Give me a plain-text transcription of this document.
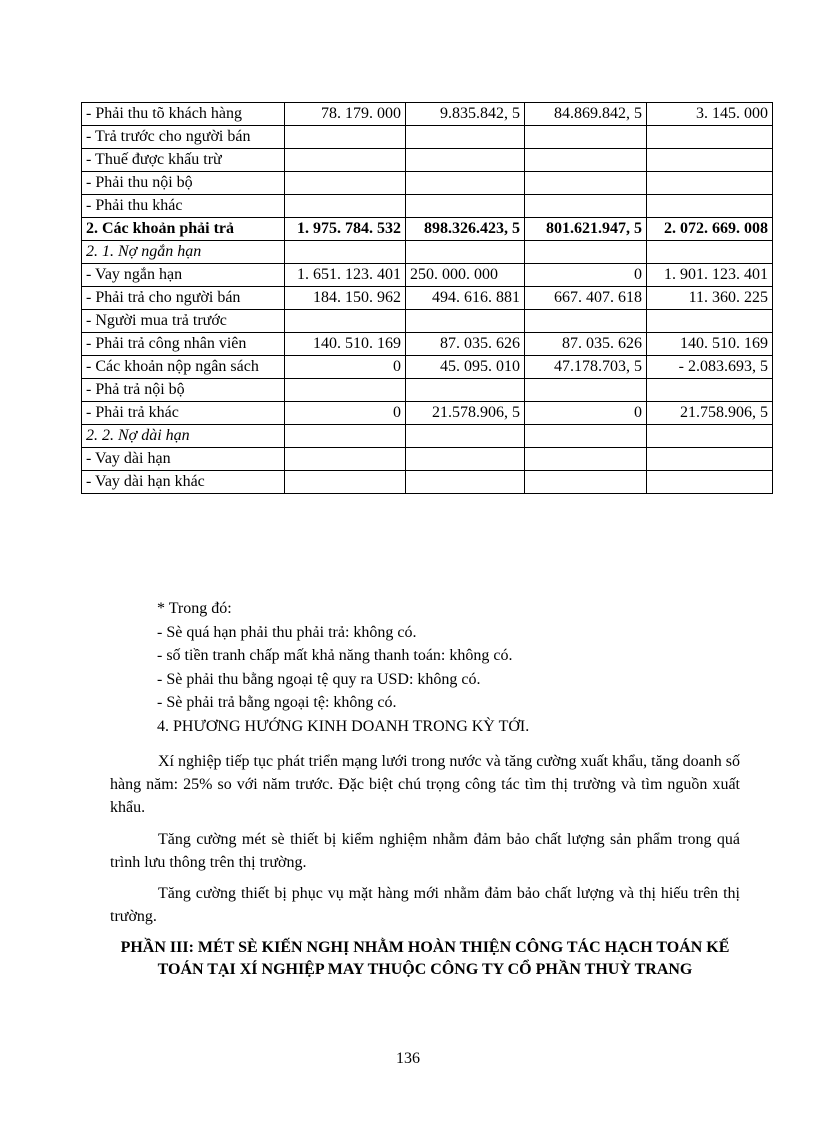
- Phải thu tõ khách hàng	78. 179. 000	9.835.842, 5	84.869.842, 5	3. 145. 000
- Trả trước cho người bán				
- Thuế được khấu trừ				
- Phải thu nội bộ				
- Phải thu khác				
2. Các khoản phải trả	1. 975. 784. 532	898.326.423, 5	801.621.947, 5	2. 072. 669. 008
2. 1. Nợ ngắn hạn				
- Vay ngắn hạn	1. 651. 123. 401	250. 000. 000	0	1. 901. 123. 401
- Phải trả cho người bán	184. 150. 962	494. 616. 881	667. 407. 618	11. 360. 225
- Người mua trả trước				
- Phải trả công nhân viên	140. 510. 169	87. 035. 626	87. 035. 626	140. 510. 169
- Các khoản nộp ngân sách	0	45. 095. 010	47.178.703, 5	- 2.083.693, 5
- Phả trả nội bộ				
- Phải trả khác	0	21.578.906, 5	0	21.758.906, 5
2. 2. Nợ dài hạn				
- Vay dài hạn				
- Vay dài hạn khác				
* Trong đó:
- Sè quá hạn phải thu phải trả: không có.
- số tiền tranh chấp mất khả năng thanh toán: không có.
- Sè phải thu bằng ngoại tệ quy ra USD: không có.
- Sè phải trả bằng ngoại tệ: không có.
4. PHƯƠNG HƯỚNG KINH DOANH TRONG KỲ TỚI.

Xí nghiệp tiếp tục phát triển mạng lưới trong nước và tăng cường xuất khẩu, tăng doanh số hàng năm: 25% so với năm trước. Đặc biệt chú trọng công tác tìm thị trường và tìm nguồn xuất khẩu.

Tăng cường mét sè thiết bị kiểm nghiệm nhằm đảm bảo chất lượng sản phẩm trong quá trình lưu thông trên thị trường.

Tăng cường thiết bị phục vụ mặt hàng mới nhằm đảm bảo chất lượng và thị hiếu trên thị trường.

PHẦN III: MÉT SÈ KIẾN NGHỊ NHẰM HOÀN THIỆN CÔNG TÁC HẠCH TOÁN KẾ TOÁN TẠI XÍ NGHIỆP MAY THUỘC CÔNG TY CỔ PHẦN THUỲ TRANG
136
